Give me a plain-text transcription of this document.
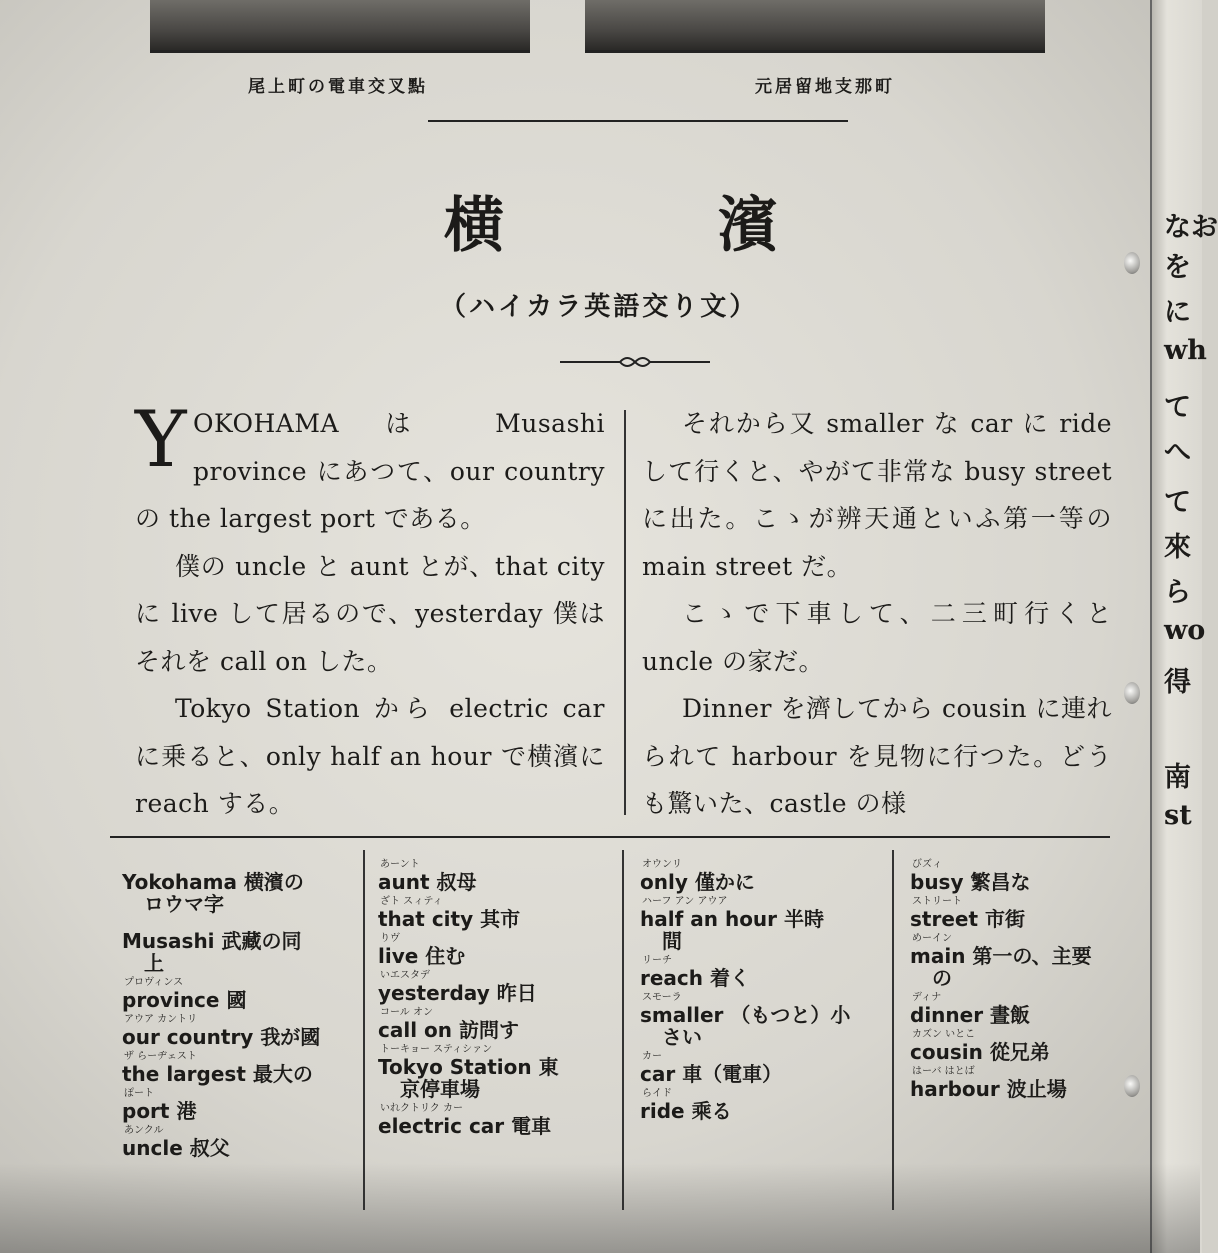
尾上町の電車交叉點	元居留地支那町
横	濱
（ハイカラ英語交り文）

Y OKOHAMA は Musashi province にあつて、our country の the largest port である。

僕の uncle と aunt とが、that city に live して居るので、yesterday 僕はそれを call on した。

Tokyo Station から electric car に乗ると、only half an hour で横濱に reach する。

それから又 smaller な car に ride して行くと、やがて非常な busy street に出た。こゝが辨天通といふ第一等の main street だ。

こゝで下車して、二三町行くと uncle の家だ。

Dinner を濟してから cousin に連れられて harbour を見物に行つた。どうも驚いた、castle の様

Yokohama 横濱の
ロウマ字

Musashi 武藏の同
上
プロヴィンス
province 國
アウア カントリ
our country 我が國
ザ らーヂェスト
the largest 最大の
ぽート
port 港
あンクル
uncle 叔父
あーント
aunt 叔母
ざト スィティ
that city 其市
りヴ
live 住む
いエスタデ
yesterday 昨日
コール オン
call on 訪問す
トーキョー スティシァン
Tokyo Station 東
京停車場
いれクトリク カー
electric car 電車
オウンリ
only 僅かに
ハーフ アン アウア
half an hour 半時
間
リーチ
reach 着く
スモーラ
smaller （もつと）小
さい
カー
car 車（電車）
らイド
ride 乘る
びズィ
busy 繁昌な
ストリート
street 市街
めーイン
main 第一の、主要
の
ディナ
dinner 晝飯
カズン いとこ
cousin 從兄弟
はーバ はとば
harbour 波止場
なお
を
に
wh
て
へ
て
來
ら
wo
得
南
st
